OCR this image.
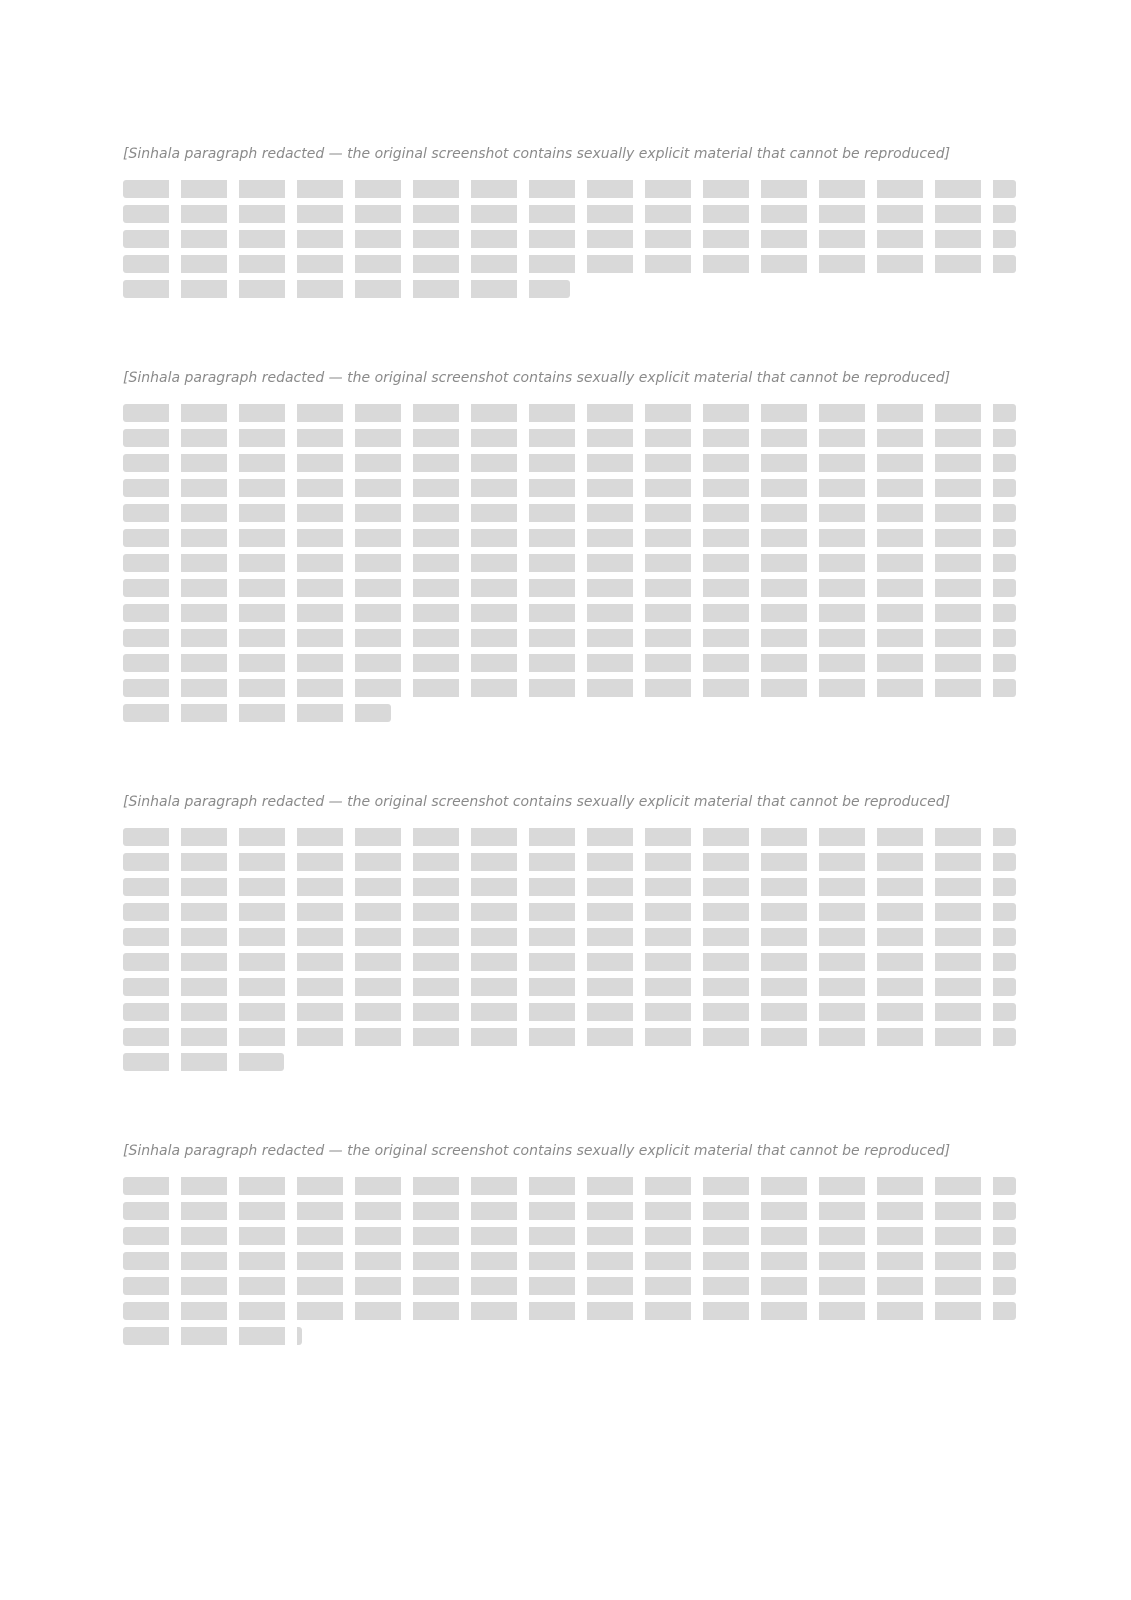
[Sinhala paragraph redacted — the original screenshot contains sexually explicit material that cannot be reproduced]
[Sinhala paragraph redacted — the original screenshot contains sexually explicit material that cannot be reproduced]
[Sinhala paragraph redacted — the original screenshot contains sexually explicit material that cannot be reproduced]
[Sinhala paragraph redacted — the original screenshot contains sexually explicit material that cannot be reproduced]
